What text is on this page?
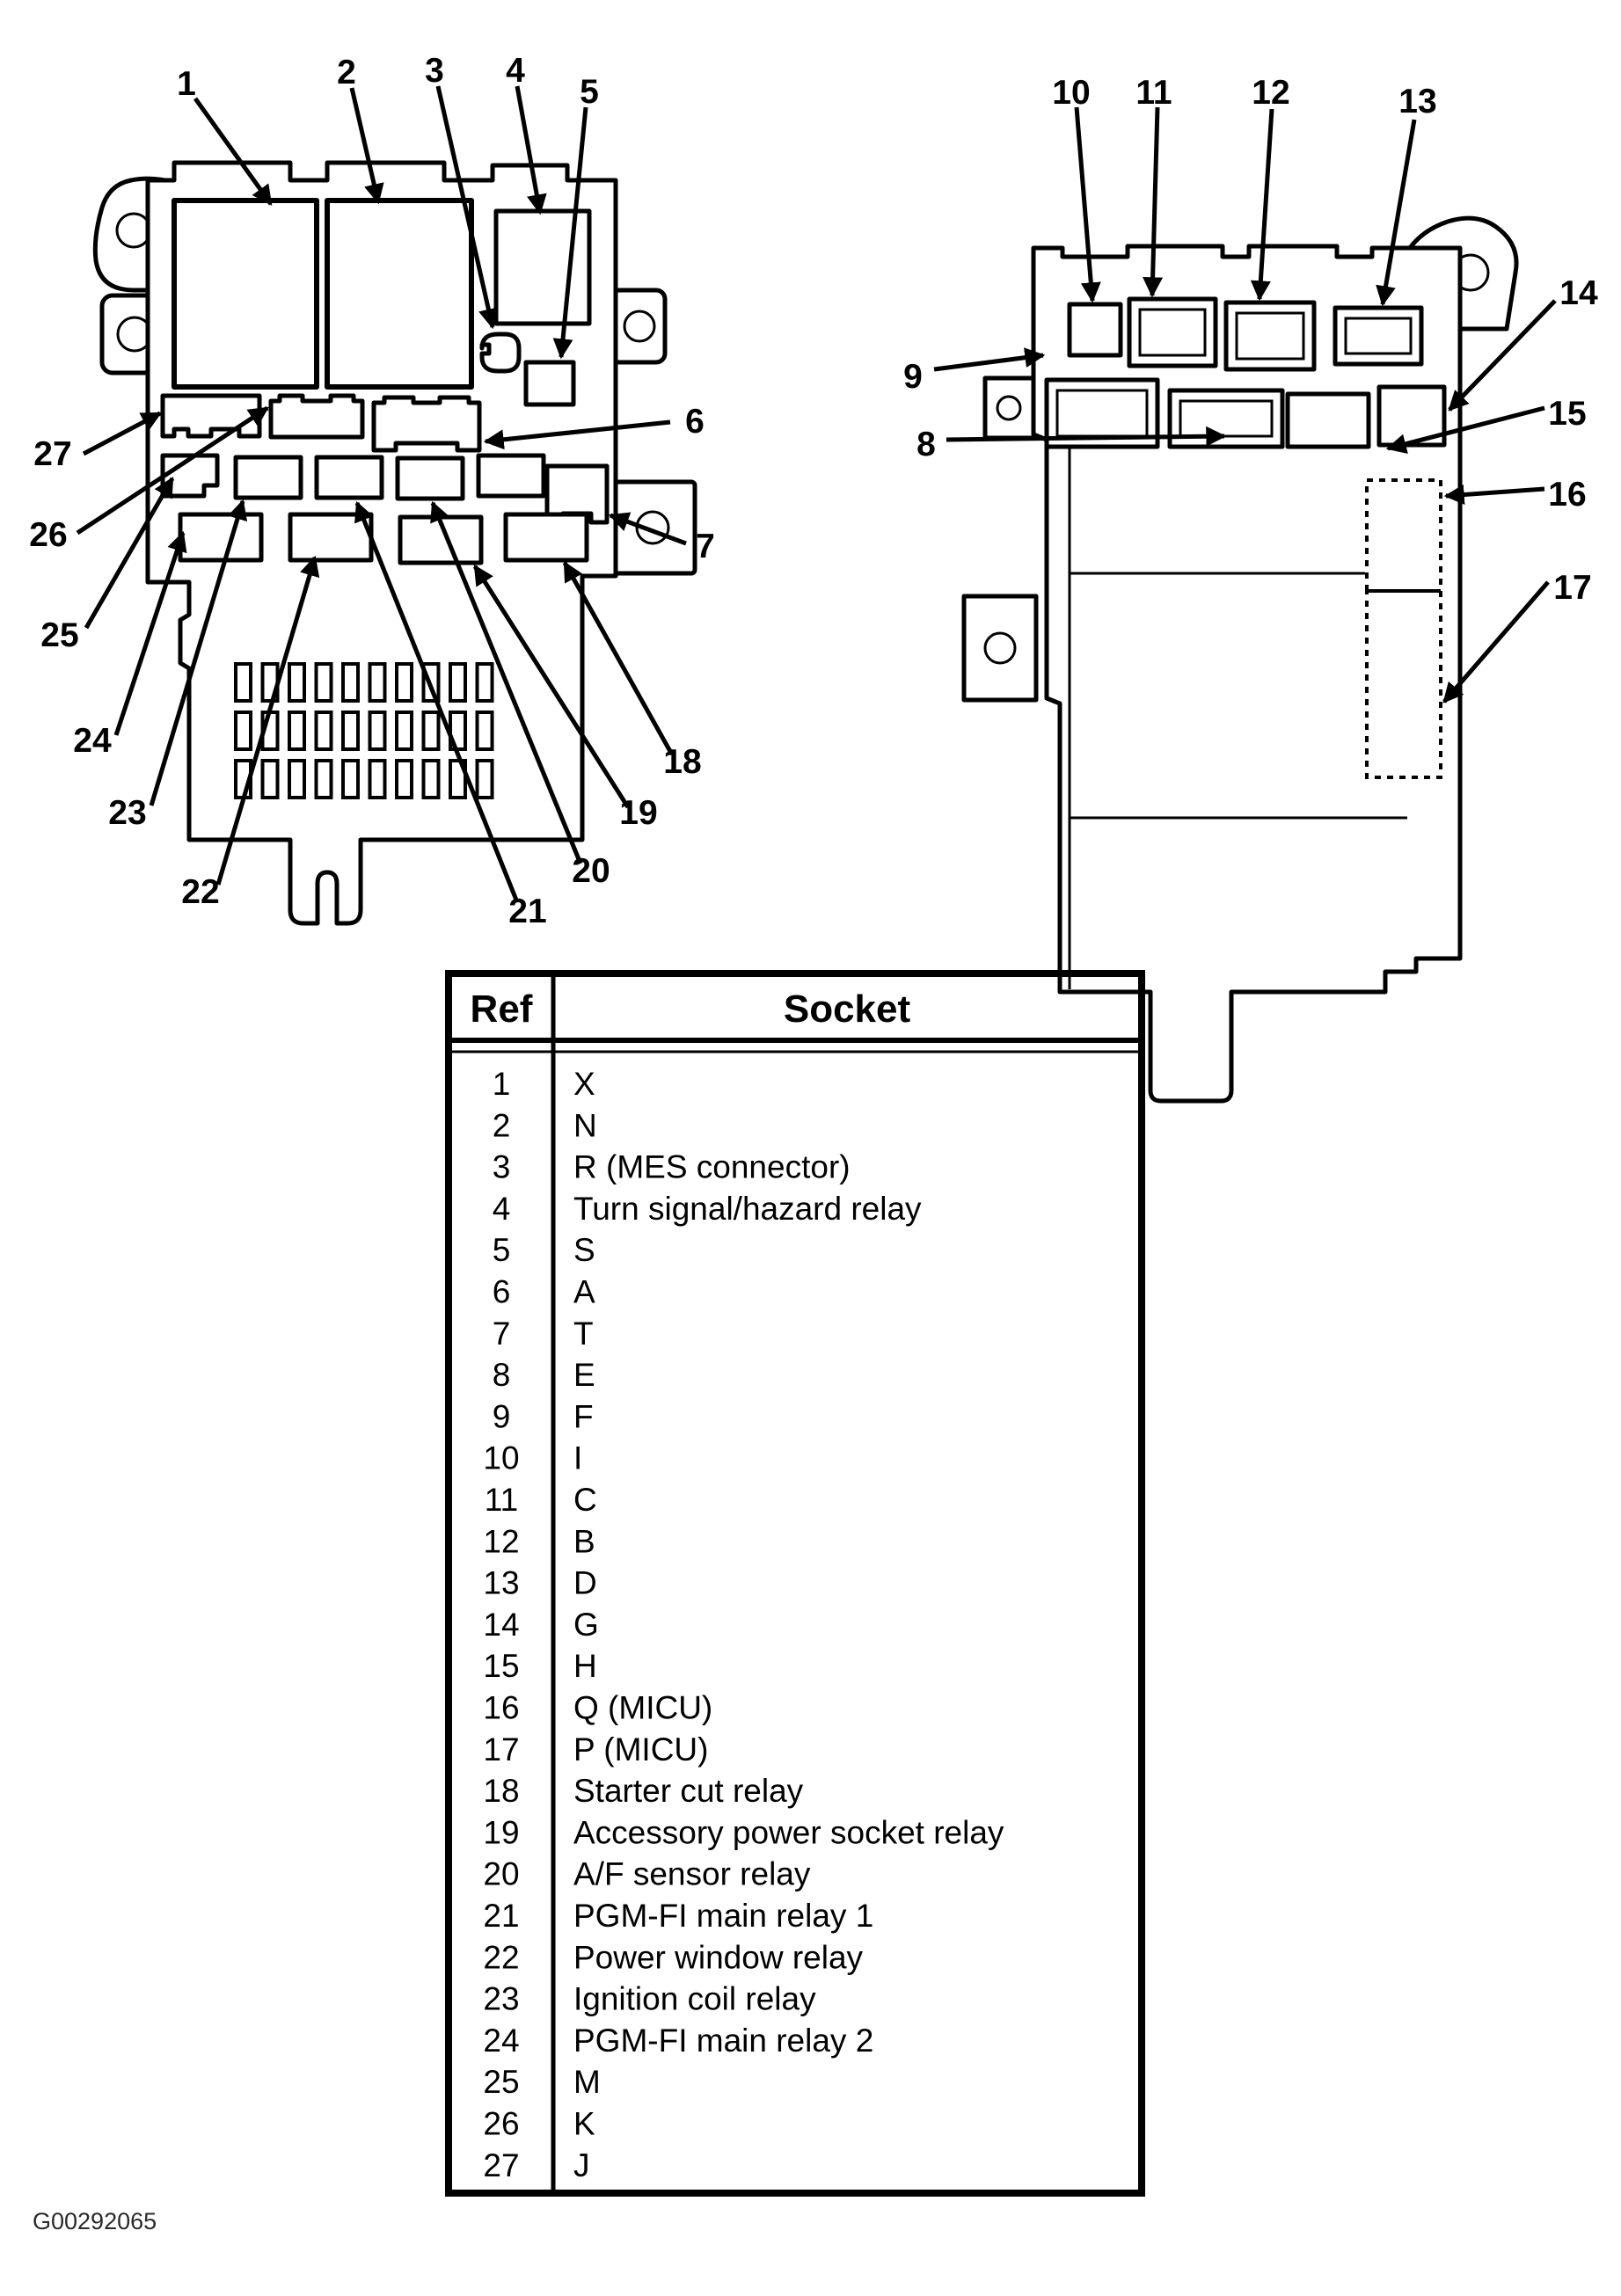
1	2 3 4
5
6
7
27
26
25
24
23
22
21
20
19
18
10 11 12	13
14
15
16
17
9
8
Ref	Socket
1 X
2 N
3 R (MES connector)
4 Turn signal/hazard relay
5 S
6 A
7 T
8 E
9 F
10 I
11 C
12 B
13 D
14 G
15 H
16 Q (MICU)
17 P (MICU)
18 Starter cut relay
19 Accessory power socket relay
20 A/F sensor relay
21 PGM-FI main relay 1
22 Power window relay
23 Ignition coil relay
24 PGM-FI main relay 2
25 M
26 K
27 J
G00292065
